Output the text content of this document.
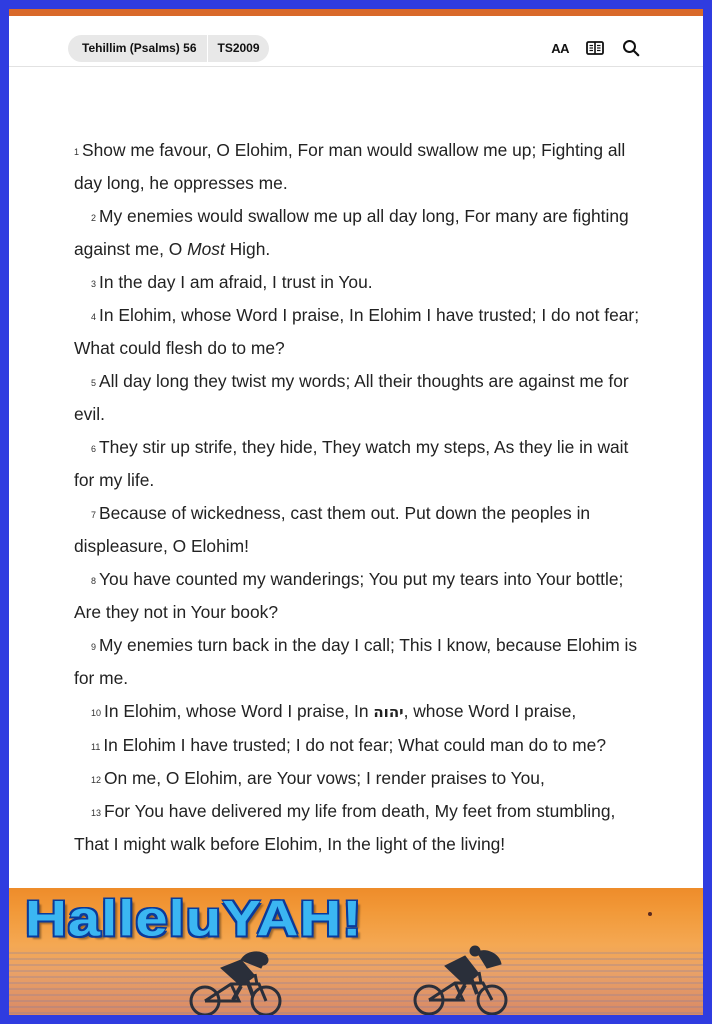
Tehillim (Psalms) 56	TS2009	AA

$^1$ Show me favour, O Elohim, For man would swallow me up; Fighting all day long, he oppresses me.

$^2$ My enemies would swallow me up all day long, For many are fighting against me, O Most High.

$^3$ In the day I am afraid, I trust in You.

$^4$ In Elohim, whose Word I praise, In Elohim I have trusted; I do not fear; What could flesh do to me?

$^5$ All day long they twist my words; All their thoughts are against me for evil.

$^6$ They stir up strife, they hide, They watch my steps, As they lie in wait for my life.

$^7$ Because of wickedness, cast them out. Put down the peoples in displeasure, O Elohim!

$^8$ You have counted my wanderings; You put my tears into Your bottle; Are they not in Your book?

$^9$ My enemies turn back in the day I call; This I know, because Elohim is for me.

$^{10}$ In Elohim, whose Word I praise, In יהוה, whose Word I praise,

$^{11}$ In Elohim I have trusted; I do not fear; What could man do to me?

$^{12}$ On me, O Elohim, are Your vows; I render praises to You,

$^{13}$ For You have delivered my life from death, My feet from stumbling, That I might walk before Elohim, In the light of the living!

HalleluYAH!
